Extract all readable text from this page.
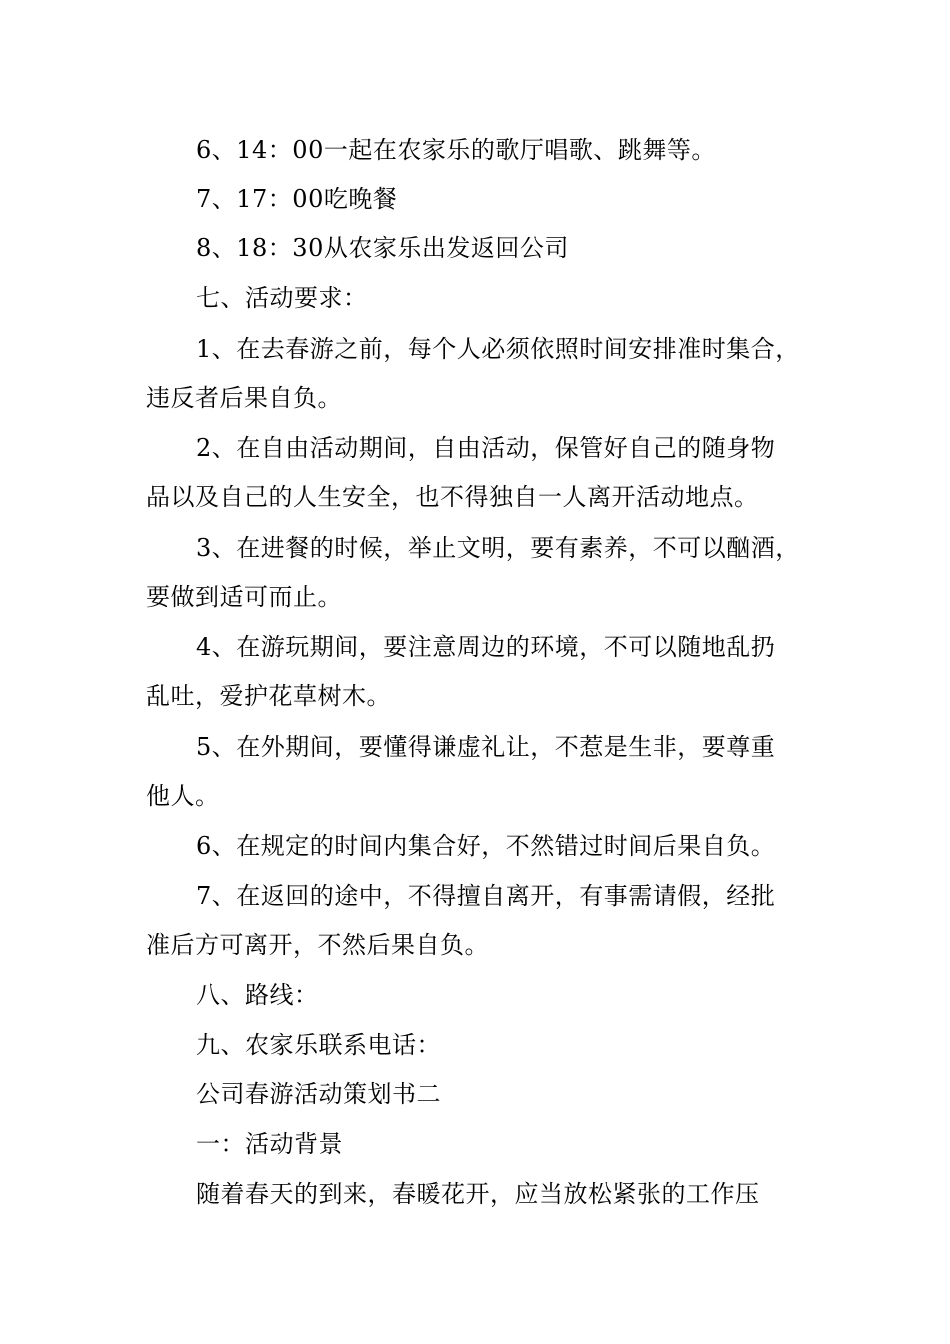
6、14：00一起在农家乐的歌厅唱歌、跳舞等。
7、17：00吃晚餐
8、18：30从农家乐出发返回公司
七、活动要求：
1、在去春游之前，每个人必须依照时间安排准时集合，
违反者后果自负。
2、在自由活动期间，自由活动，保管好自己的随身物
品以及自己的人生安全，也不得独自一人离开活动地点。
3、在进餐的时候，举止文明，要有素养，不可以酗酒，
要做到适可而止。
4、在游玩期间，要注意周边的环境，不可以随地乱扔
乱吐，爱护花草树木。
5、在外期间，要懂得谦虚礼让，不惹是生非，要尊重
他人。
6、在规定的时间内集合好，不然错过时间后果自负。
7、在返回的途中，不得擅自离开，有事需请假，经批
准后方可离开，不然后果自负。
八、路线：
九、农家乐联系电话：
公司春游活动策划书二
一：活动背景
随着春天的到来，春暖花开，应当放松紧张的工作压
